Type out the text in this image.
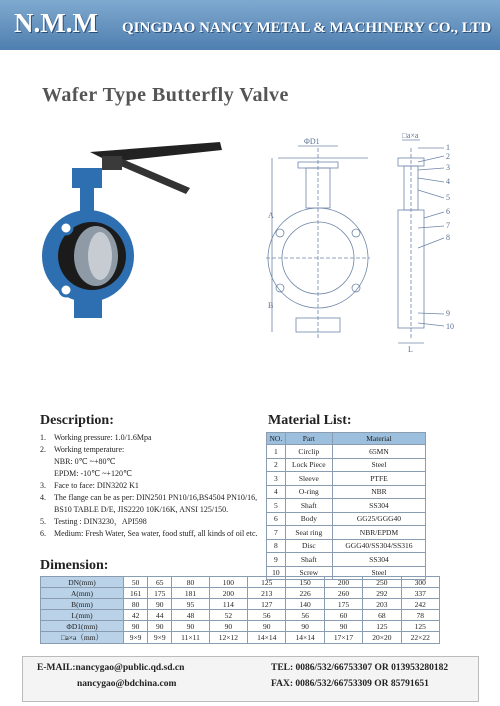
N.M.M QINGDAO NANCY METAL & MACHINERY CO., LTD
Wafer Type Butterfly Valve
ΦD1
□a×a
A
B
L
1
2
3
4
5
6
7
8
9
10
Description:
1. Working pressure: 1.0/1.6Mpa
2. Working temperature:
NBR: 0℃ ~+80℃
EPDM: -10℃ ~+120℃
3. Face to face: DIN3202 K1
4. The flange can be as per: DIN2501 PN10/16,BS4504 PN10/16,
BS10 TABLE D/E, JIS2220 10K/16K, ANSI 125/150.
5. Testing : DIN3230，API598
6. Medium: Fresh Water, Sea water, food stuff, all kinds of oil etc.
Material List:
NO.	Part	Material
1	Circlip	65MN
2	Lock Piece	Steel
3	Sleeve	PTFE
4	O-ring	NBR
5	Shaft	SS304
6	Body	GG25/GGG40
7	Seat ring	NBR/EPDM
8	Disc	GGG40/SS304/SS316
9	Shaft	SS304
10	Screw	Steel
Dimension:
DN(mm)	50	65	80	100	125	150	200	250	300
A(mm)	161	175	181	200	213	226	260	292	337
B(mm)	80	90	95	114	127	140	175	203	242
L(mm)	42	44	48	52	56	56	60	68	78
ΦD1(mm)	90	90	90	90	90	90	90	125	125
□a×a（mm）	9×9	9×9	11×11	12×12	14×14	14×14	17×17	20×20	22×22
E-MAIL:nancygao@public.qd.sd.cn
nancygao@bdchina.com
TEL: 0086/532/66753307 OR 013953280182
FAX: 0086/532/66753309 OR 85791651
